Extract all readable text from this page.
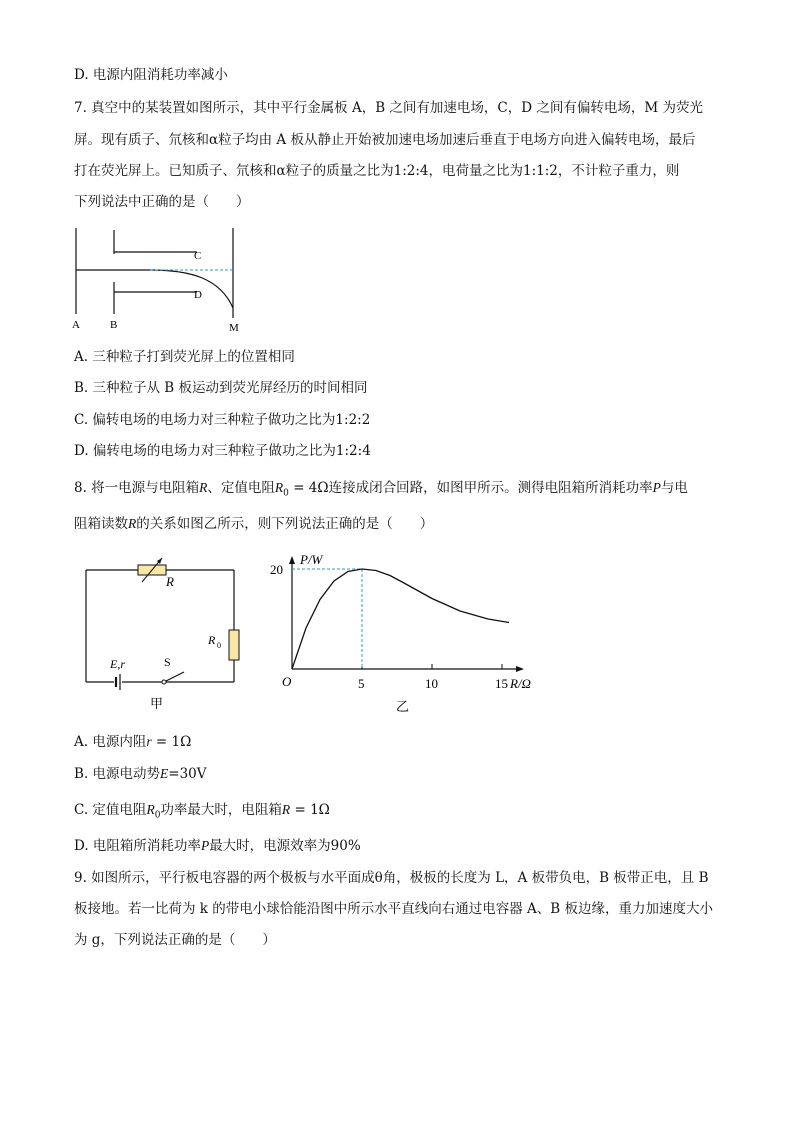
D. 电源内阻消耗功率减小
7. 真空中的某装置如图所示，其中平行金属板 A，B 之间有加速电场，C，D 之间有偏转电场，M 为荧光
屏。现有质子、氘核和α粒子均由 A 板从静止开始被加速电场加速后垂直于电场方向进入偏转电场，最后
打在荧光屏上。已知质子、氘核和α粒子的质量之比为1:2:4，电荷量之比为1:1:2，不计粒子重力，则
下列说法中正确的是（　　）
C
D
A	B	M
A. 三种粒子打到荧光屏上的位置相同
B. 三种粒子从 B 板运动到荧光屏经历的时间相同
C. 偏转电场的电场力对三种粒子做功之比为1:2:2
D. 偏转电场的电场力对三种粒子做功之比为1:2:4
8. 将一电源与电阻箱R、定值电阻$R_0 = 4\Omega$连接成闭合回路，如图甲所示。测得电阻箱所消耗功率P与电
阻箱读数R的关系如图乙所示，则下列说法正确的是（　　）
R
R 0
S
E,r
甲
P/W
R/Ω
O
乙
5	10	15
20
A. 电源内阻r = 1Ω
B. 电源电动势E=30V
C. 定值电阻$R_0$功率最大时，电阻箱R = 1Ω
D. 电阻箱所消耗功率P最大时，电源效率为90%
9. 如图所示，平行板电容器的两个极板与水平面成θ角，极板的长度为 L，A 板带负电，B 板带正电，且 B
板接地。若一比荷为 k 的带电小球恰能沿图中所示水平直线向右通过电容器 A、B 板边缘，重力加速度大小
为 g，下列说法正确的是（　　）
